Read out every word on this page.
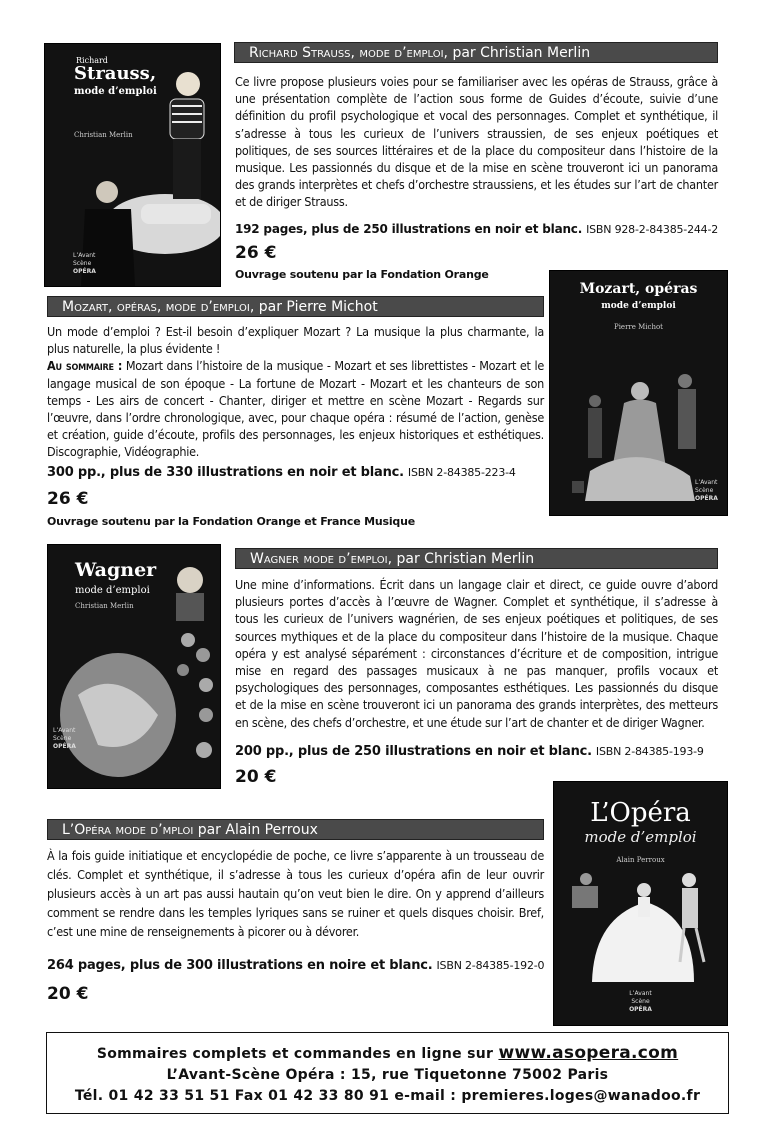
Richard
Strauss,
mode d’emploi
Christian Merlin
L’Avant
Scène
OPÉRA
Richard Strauss, mode d’emploi, par Christian Merlin

Ce livre propose plusieurs voies pour se familiariser avec les opéras de Strauss, grâce à une présentation complète de l’action sous forme de Guides d’écoute, suivie d’une définition du profil psychologique et vocal des personnages. Complet et synthétique, il s’adresse à tous les curieux de l’univers straussien, de ses enjeux poétiques et politiques, de ses sources littéraires et de la place du compositeur dans l’histoire de la musique. Les passionnés du disque et de la mise en scène trouveront ici un panorama des grands interprètes et chefs d’orchestre straussiens, et les études sur l’art de chanter et de diriger Strauss.

192 pages, plus de 250 illustrations en noir et blanc. ISBN 928-2-84385-244-2
26 €
Ouvrage soutenu par la Fondation Orange
Mozart, opéras, mode d’emploi, par Pierre Michot

Un mode d’emploi ? Est-il besoin d’expliquer Mozart ? La musique la plus charmante, la plus naturelle, la plus évidente !

Au sommaire : Mozart dans l’histoire de la musique - Mozart et ses librettistes - Mozart et le langage musical de son époque - La fortune de Mozart - Mozart et les chanteurs de son temps - Les airs de concert - Chanter, diriger et mettre en scène Mozart - Regards sur l’œuvre, dans l’ordre chronologique, avec, pour chaque opéra : résumé de l’action, genèse et création, guide d’écoute, profils des personnages, les enjeux historiques et esthétiques. Discographie, Vidéographie.

300 pp., plus de 330 illustrations en noir et blanc. ISBN 2-84385-223-4
26 €
Ouvrage soutenu par la Fondation Orange et France Musique
Mozart, opéras
mode d’emploi
Pierre Michot
L’Avant
Scène
OPÉRA
Wagner
mode d’emploi
Christian Merlin
L’Avant
Scène
OPÉRA
Wagner mode d’emploi, par Christian Merlin

Une mine d’informations. Écrit dans un langage clair et direct, ce guide ouvre d’abord plusieurs portes d’accès à l’œuvre de Wagner. Complet et synthétique, il s’adresse à tous les curieux de l’univers wagnérien, de ses enjeux poétiques et politiques, de ses sources mythiques et de la place du compositeur dans l’histoire de la musique. Chaque opéra y est analysé séparément : circonstances d’écriture et de composition, intrigue mise en regard des passages musicaux à ne pas manquer, profils vocaux et psychologiques des personnages, composantes esthétiques. Les passionnés du disque et de la mise en scène trouveront ici un panorama des grands interprètes, des metteurs en scène, des chefs d’orchestre, et une étude sur l’art de chanter et de diriger Wagner.

200 pp., plus de 250 illustrations en noir et blanc. ISBN 2-84385-193-9
20 €
L’Opéra mode d’mploi par Alain Perroux

À la fois guide initiatique et encyclopédie de poche, ce livre s’apparente à un trousseau de clés. Complet et synthétique, il s’adresse à tous les curieux d’opéra afin de leur ouvrir plusieurs accès à un art pas aussi hautain qu’on veut bien le dire. On y apprend d’ailleurs comment se rendre dans les temples lyriques sans se ruiner et quels disques choisir. Bref, c’est une mine de renseignements à picorer ou à dévorer.

264 pages, plus de 300 illustrations en noire et blanc. ISBN 2-84385-192-0
20 €
L’Opéra
mode d’emploi
Alain Perroux
L’Avant
Scène
OPÉRA
Sommaires complets et commandes en ligne sur www.asopera.com
L’Avant-Scène Opéra : 15, rue Tiquetonne 75002 Paris
Tél. 01 42 33 51 51 Fax 01 42 33 80 91 e-mail : premieres.loges@wanadoo.fr
